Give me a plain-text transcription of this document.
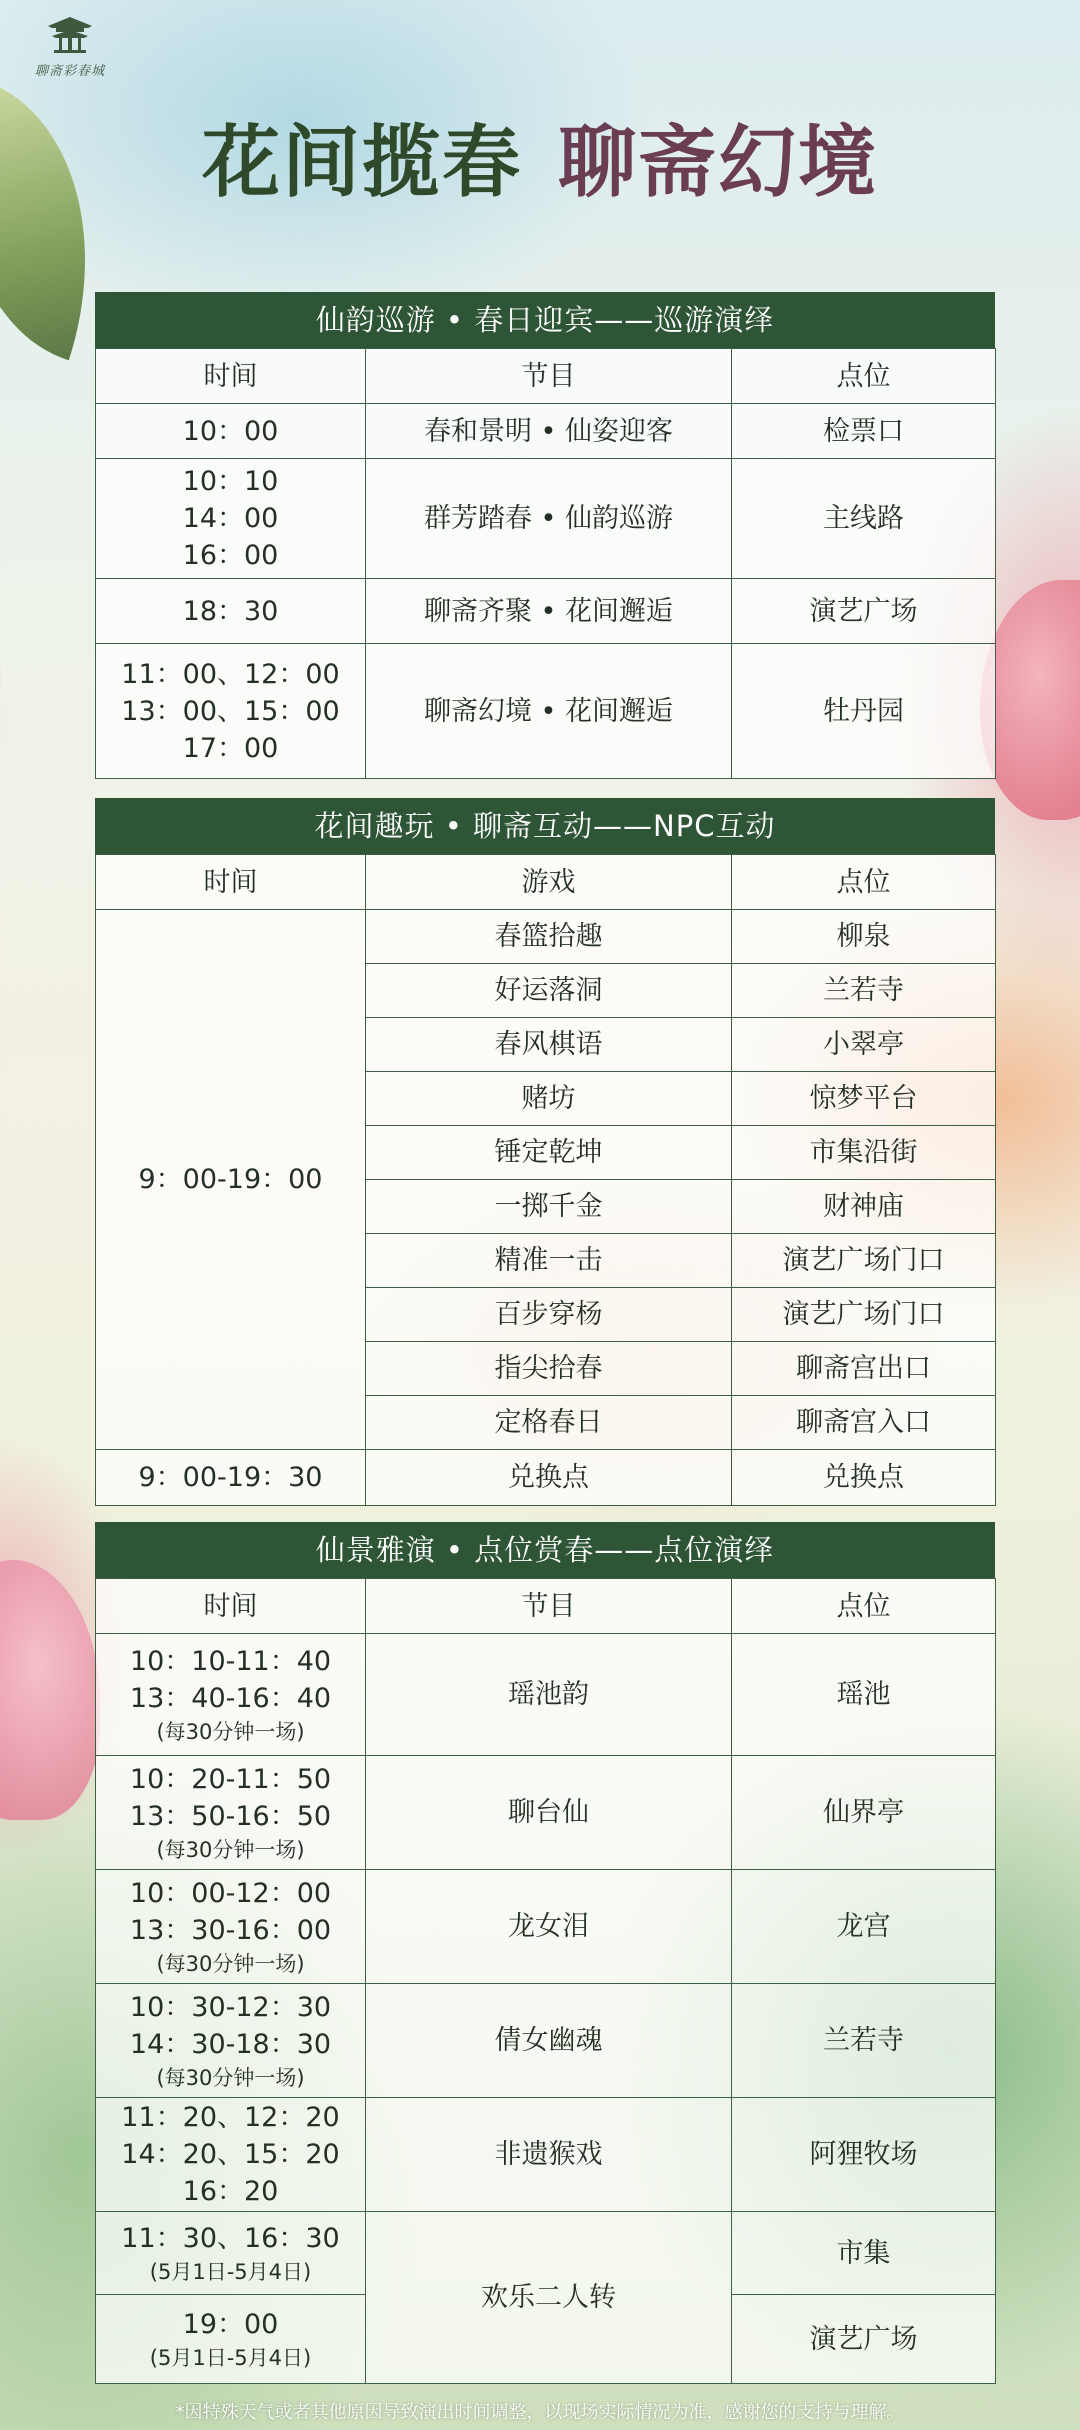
聊斋彩春城
花间揽春 聊斋幻境
仙韵巡游 • 春日迎宾——巡游演绎
时间	节目	点位

10：00	春和景明 • 仙姿迎客	检票口

10：10
14：00
16：00	群芳踏春 • 仙韵巡游	主线路

18：30	聊斋齐聚 • 花间邂逅	演艺广场

11：00、12：00
13：00、15：00
17：00	聊斋幻境 • 花间邂逅	牡丹园
花间趣玩 • 聊斋互动——NPC互动
时间	游戏	点位
9：00-19：00	春篮拾趣	柳泉
	好运落洞	兰若寺
	春风棋语	小翠亭
	赌坊	惊梦平台
	锤定乾坤	市集沿街
	一掷千金	财神庙
	精准一击	演艺广场门口
	百步穿杨	演艺广场门口
	指尖拾春	聊斋宫出口
	定格春日	聊斋宫入口
9：00-19：30	兑换点	兑换点
仙景雅演 • 点位赏春——点位演绎
时间	节目	点位

10：10-11：40
13：40-16：40
(每30分钟一场)	瑶池韵	瑶池

10：20-11：50
13：50-16：50
(每30分钟一场)	聊台仙	仙界亭

10：00-12：00
13：30-16：00
(每30分钟一场)	龙女泪	龙宫

10：30-12：30
14：30-18：30
(每30分钟一场)	倩女幽魂	兰若寺

11：20、12：20
14：20、15：20
16：20	非遗猴戏	阿狸牧场

11：30、16：30
(5月1日-5月4日)	欢乐二人转	市集

19：00
(5月1日-5月4日)		演艺广场
*因特殊天气或者其他原因导致演出时间调整，以现场实际情况为准，感谢您的支持与理解。
